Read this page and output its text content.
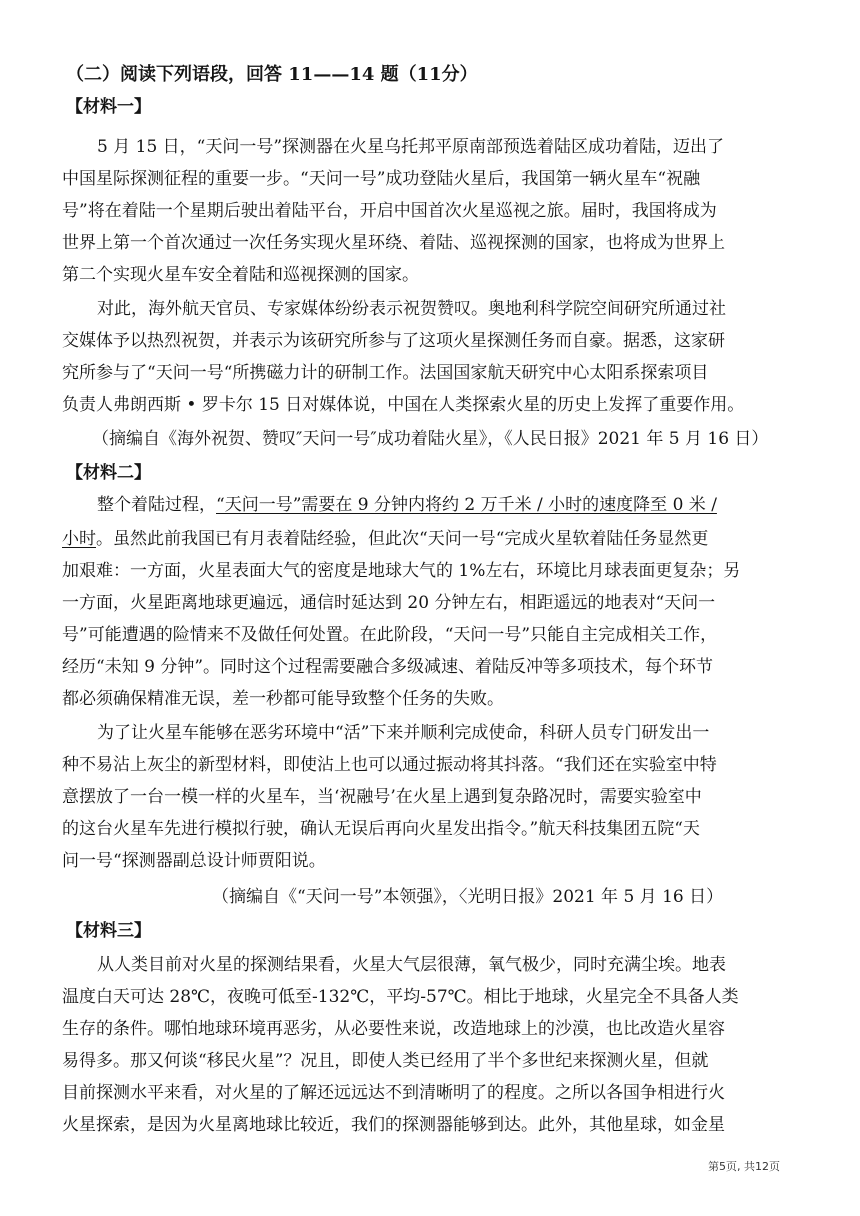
（二）阅读下列语段，回答 11——14 题（11分）
【材料一】
5 月 15 日，“天问一号”探测器在火星乌托邦平原南部预选着陆区成功着陆，迈出了
中国星际探测征程的重要一步。“天问一号”成功登陆火星后，我国第一辆火星车“祝融
号”将在着陆一个星期后驶出着陆平台，开启中国首次火星巡视之旅。届时，我国将成为
世界上第一个首次通过一次任务实现火星环绕、着陆、巡视探测的国家，也将成为世界上
第二个实现火星车安全着陆和巡视探测的国家。
对此，海外航天官员、专家媒体纷纷表示祝贺赞叹。奥地利科学院空间研究所通过社
交媒体予以热烈祝贺，并表示为该研究所参与了这项火星探测任务而自豪。据悉，这家研
究所参与了“天问一号“所携磁力计的研制工作。法国国家航天研究中心太阳系探索项目
负责人弗朗西斯 • 罗卡尔 15 日对媒体说，中国在人类探索火星的历史上发挥了重要作用。
（摘编自《海外祝贺、赞叹″天问一号″成功着陆火星》，《人民日报》2021 年 5 月 16 日）
【材料二】
整个着陆过程，“天问一号”需要在 9 分钟内将约 2 万千米 / 小时的速度降至 0 米 /
小时。虽然此前我国已有月表着陆经验，但此次“天问一号“完成火星软着陆任务显然更
加艰难：一方面，火星表面大气的密度是地球大气的 1%左右，环境比月球表面更复杂；另
一方面，火星距离地球更遍远，通信时延达到 20 分钟左右，相距遥远的地表对“天问一
号”可能遭遇的险情来不及做任何处置。在此阶段，“天问一号”只能自主完成相关工作，
经历“未知 9 分钟”。同时这个过程需要融合多级减速、着陆反冲等多项技术，每个环节
都必须确保精准无误，差一秒都可能导致整个任务的失败。
为了让火星车能够在恶劣环境中“活”下来并顺利完成使命，科研人员专门研发出一
种不易沾上灰尘的新型材料，即使沾上也可以通过振动将其抖落。“我们还在实验室中特
意摆放了一台一模一样的火星车，当‘祝融号’在火星上遇到复杂路况时，需要实验室中
的这台火星车先进行模拟行驶，确认无误后再向火星发出指令。”航天科技集团五院“天
问一号“探测器副总设计师贾阳说。
（摘编自《“天问一号”本领强》，〈光明日报》2021 年 5 月 16 日）
【材料三】
从人类目前对火星的探测结果看，火星大气层很薄，氧气极少，同时充满尘埃。地表
温度白天可达 28℃，夜晚可低至-132℃，平均-57℃。相比于地球，火星完全不具备人类
生存的条件。哪怕地球环境再恶劣，从必要性来说，改造地球上的沙漠，也比改造火星容
易得多。那又何谈“移民火星”？况且，即使人类已经用了半个多世纪来探测火星，但就
目前探测水平来看，对火星的了解还远远达不到清晰明了的程度。之所以各国争相进行火
火星探索，是因为火星离地球比较近，我们的探测器能够到达。此外，其他星球，如金星
第5页, 共12页
